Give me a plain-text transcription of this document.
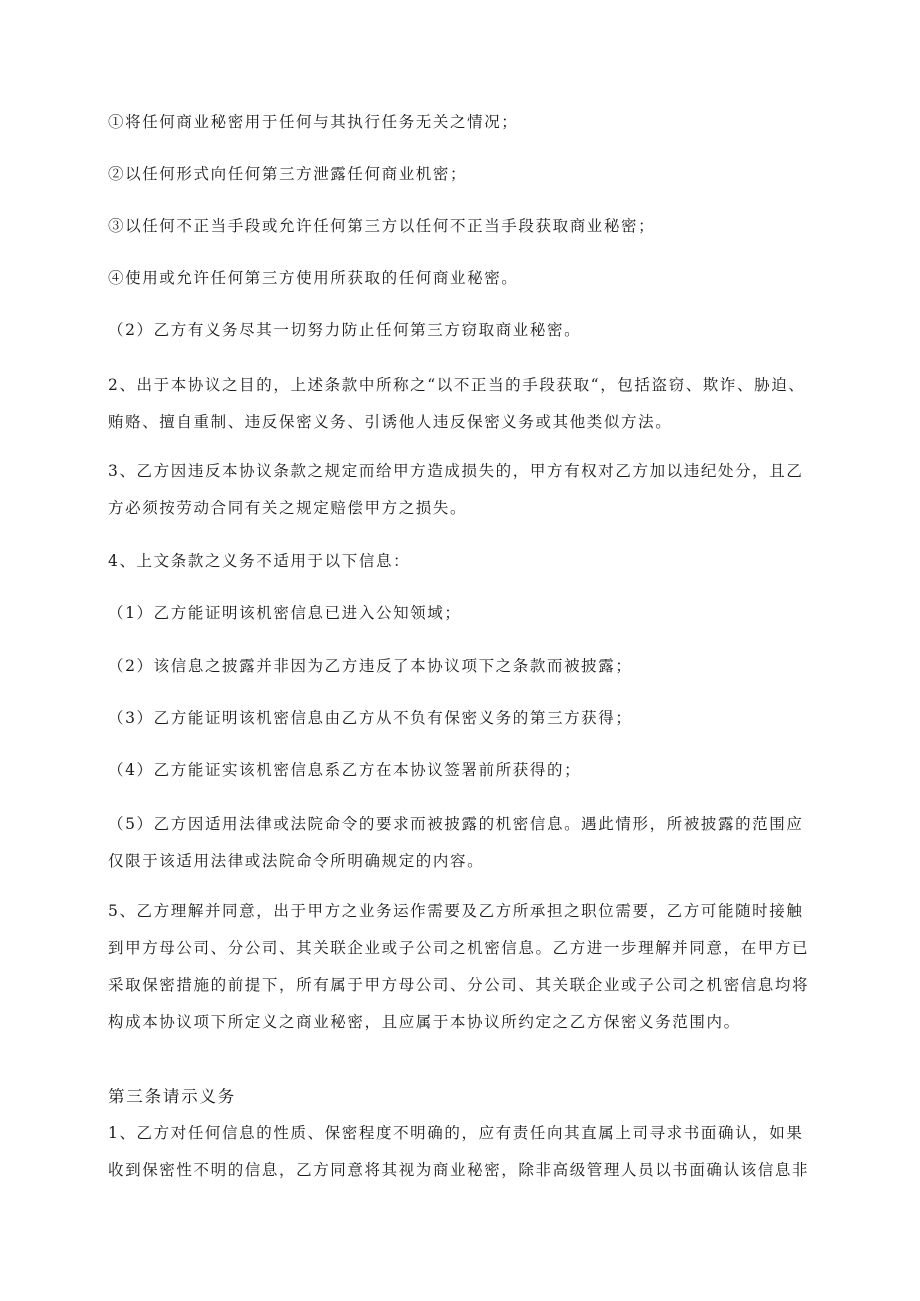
①将任何商业秘密用于任何与其执行任务无关之情况；

②以任何形式向任何第三方泄露任何商业机密；

③以任何不正当手段或允许任何第三方以任何不正当手段获取商业秘密；

④使用或允许任何第三方使用所获取的任何商业秘密。

（2）乙方有义务尽其一切努力防止任何第三方窃取商业秘密。

2、出于本协议之目的，上述条款中所称之“以不正当的手段获取“，包括盗窃、欺诈、胁迫、贿赂、擅自重制、违反保密义务、引诱他人违反保密义务或其他类似方法。

3、乙方因违反本协议条款之规定而给甲方造成损失的，甲方有权对乙方加以违纪处分，且乙方必须按劳动合同有关之规定赔偿甲方之损失。

4、上文条款之义务不适用于以下信息：

（1）乙方能证明该机密信息已进入公知领域；

（2）该信息之披露并非因为乙方违反了本协议项下之条款而被披露；

（3）乙方能证明该机密信息由乙方从不负有保密义务的第三方获得；

（4）乙方能证实该机密信息系乙方在本协议签署前所获得的；

（5）乙方因适用法律或法院命令的要求而被披露的机密信息。遇此情形，所被披露的范围应仅限于该适用法律或法院命令所明确规定的内容。

5、乙方理解并同意，出于甲方之业务运作需要及乙方所承担之职位需要，乙方可能随时接触到甲方母公司、分公司、其关联企业或子公司之机密信息。乙方进一步理解并同意，在甲方已采取保密措施的前提下，所有属于甲方母公司、分公司、其关联企业或子公司之机密信息均将构成本协议项下所定义之商业秘密，且应属于本协议所约定之乙方保密义务范围内。

第三条请示义务

1、乙方对任何信息的性质、保密程度不明确的，应有责任向其直属上司寻求书面确认，如果收到保密性不明的信息，乙方同意将其视为商业秘密，除非高级管理人员以书面确认该信息非
